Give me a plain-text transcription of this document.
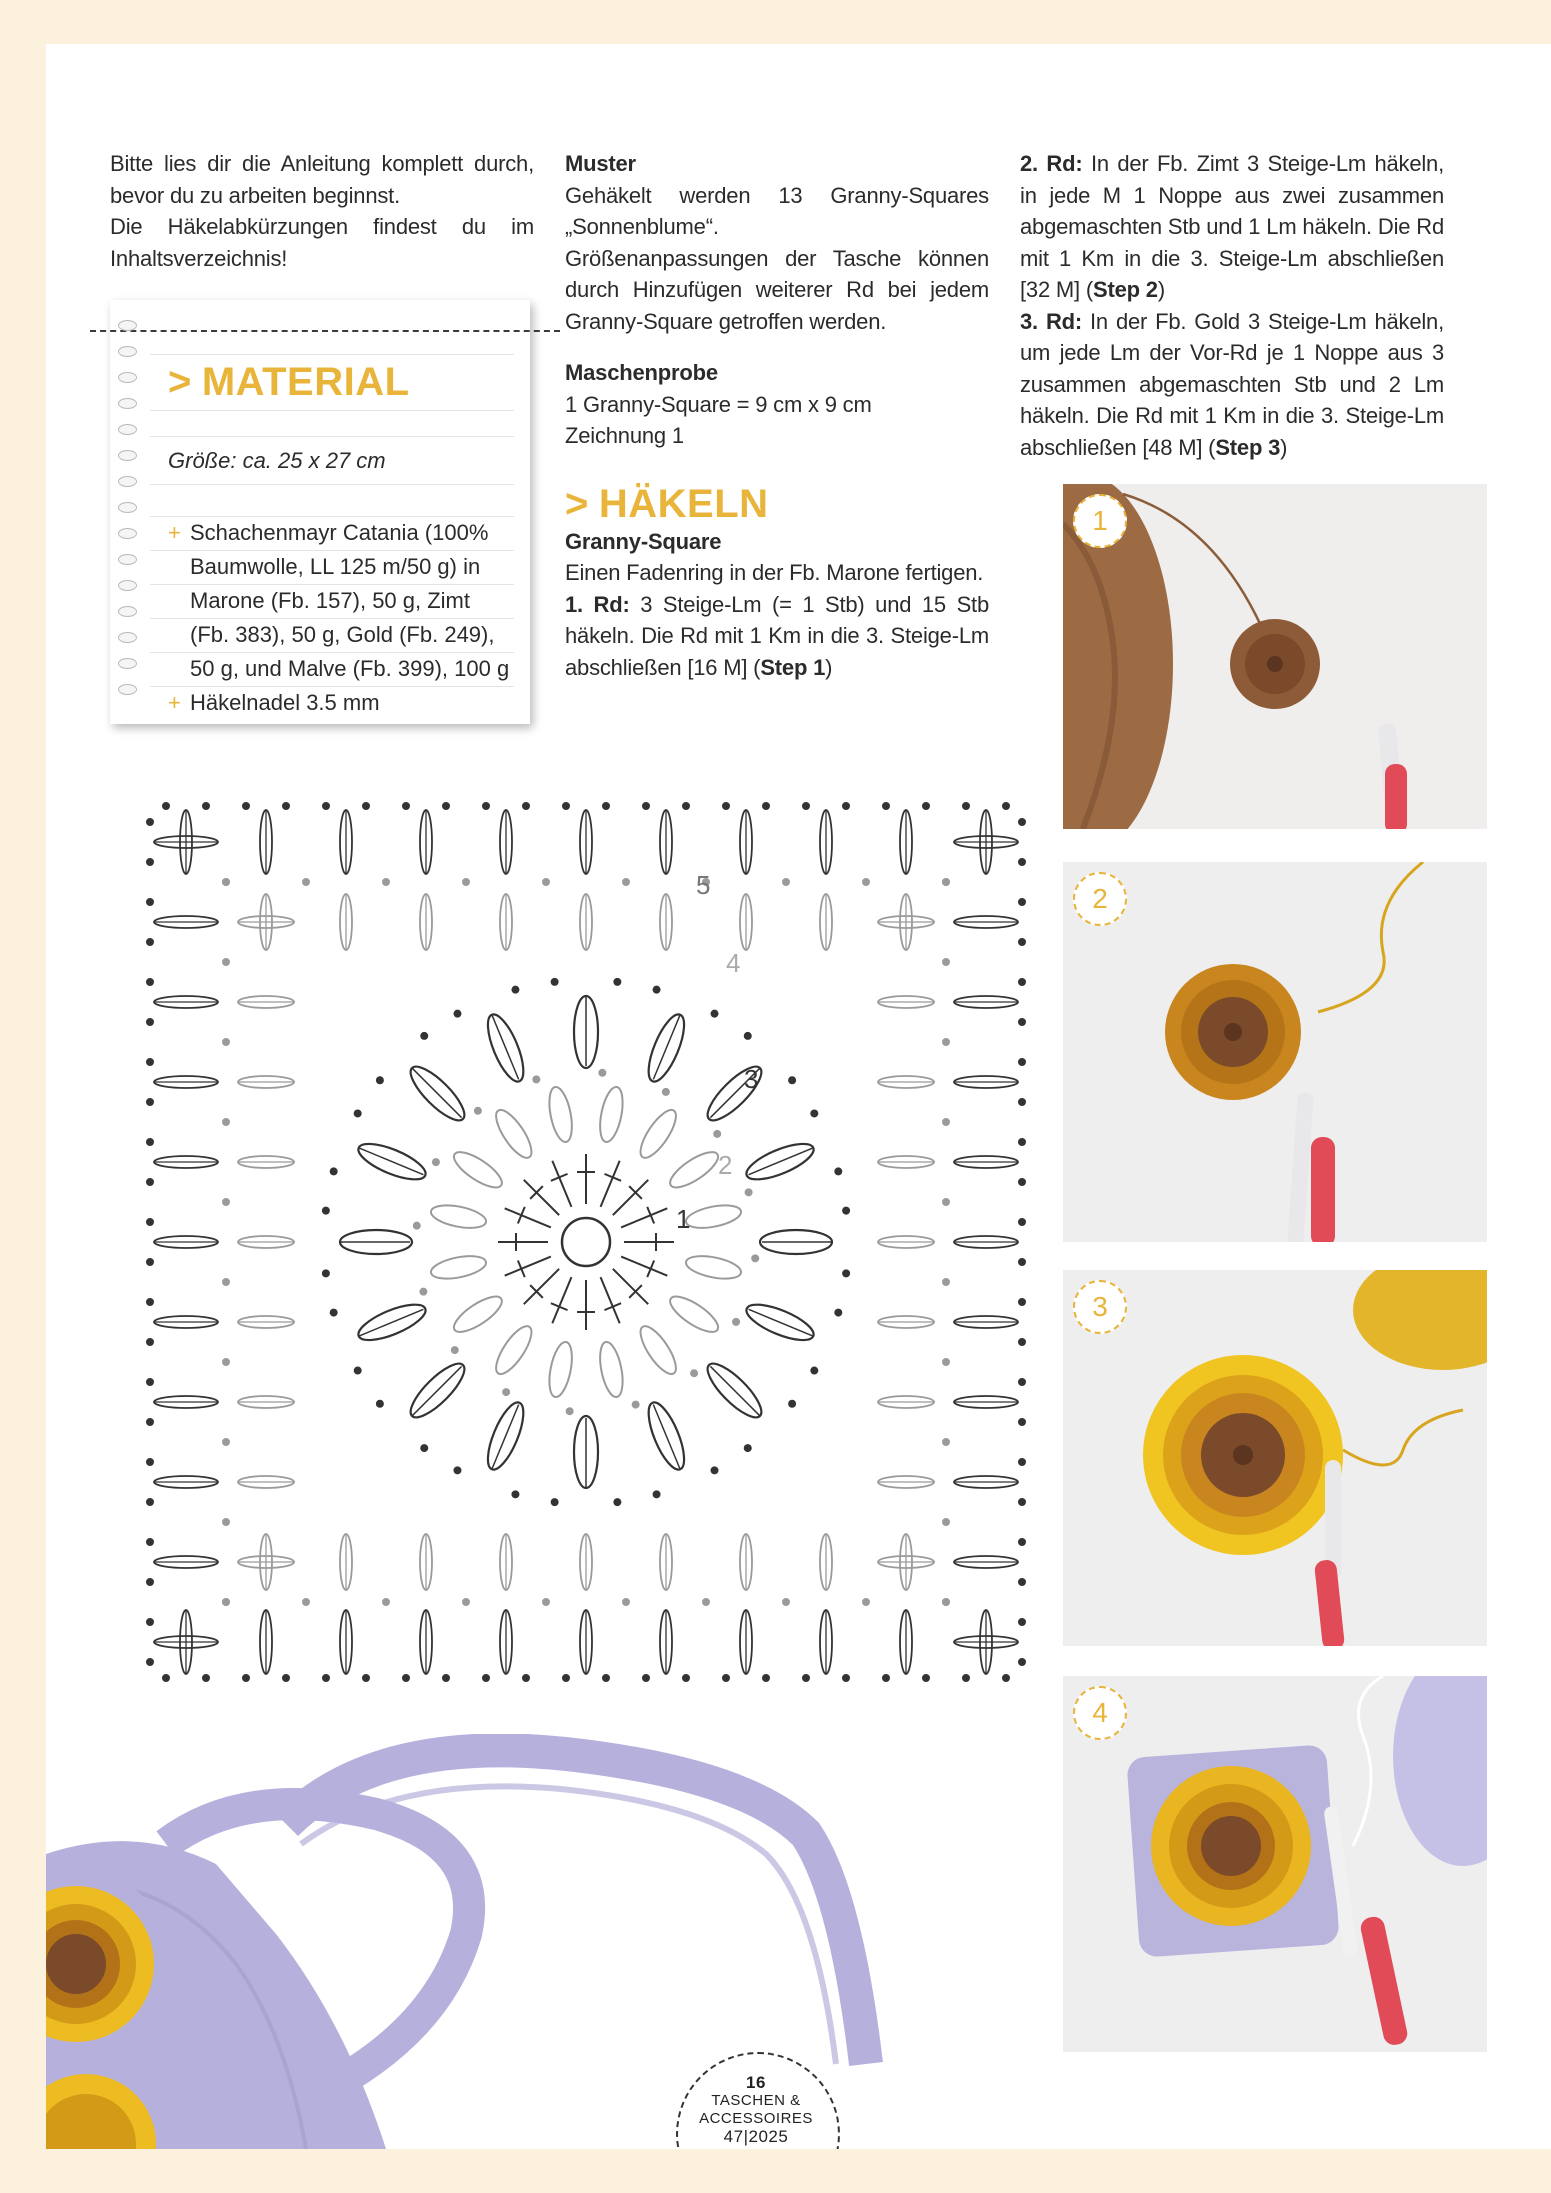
Bitte lies dir die Anleitung komplett durch, bevor du zu arbeiten beginnst.

Die Häkelabkürzungen findest du im Inhaltsverzeichnis!

> MATERIAL
Größe: ca. 25 x 27 cm
+ Schachenmayr Catania (100% Baumwolle, LL 125 m/50 g) in Marone (Fb. 157), 50 g, Zimt (Fb. 383), 50 g, Gold (Fb. 249), 50 g, und Malve (Fb. 399), 100 g
+ Häkelnadel 3.5 mm

Muster

Gehäkelt werden 13 Granny-Squares „Sonnenblume“.

Größenanpassungen der Tasche können durch Hinzufügen weiterer Rd bei jedem Granny-Square getroffen werden.

Maschenprobe

1 Granny-Square = 9 cm x 9 cm

Zeichnung 1

> HÄKELN

Granny-Square

Einen Fadenring in der Fb. Marone fertigen.

1. Rd: 3 Steige-Lm (= 1 Stb) und 15 Stb häkeln. Die Rd mit 1 Km in die 3. Steige-Lm abschließen [16 M] (Step 1)

2. Rd: In der Fb. Zimt 3 Steige-Lm häkeln, in jede M 1 Noppe aus zwei zusammen abgemaschten Stb und 1 Lm häkeln. Die Rd mit 1 Km in die 3. Steige-Lm abschließen [32 M] (Step 2)

3. Rd: In der Fb. Gold 3 Steige-Lm häkeln, um jede Lm der Vor-Rd je 1 Noppe aus 3 zusammen abgemaschten Stb und 2 Lm häkeln. Die Rd mit 1 Km in die 3. Steige-Lm abschließen [48 M] (Step 3)

5
4
3
2
1
1
2
3
4
16
TASCHEN &
ACCESSOIRES
47|2025
